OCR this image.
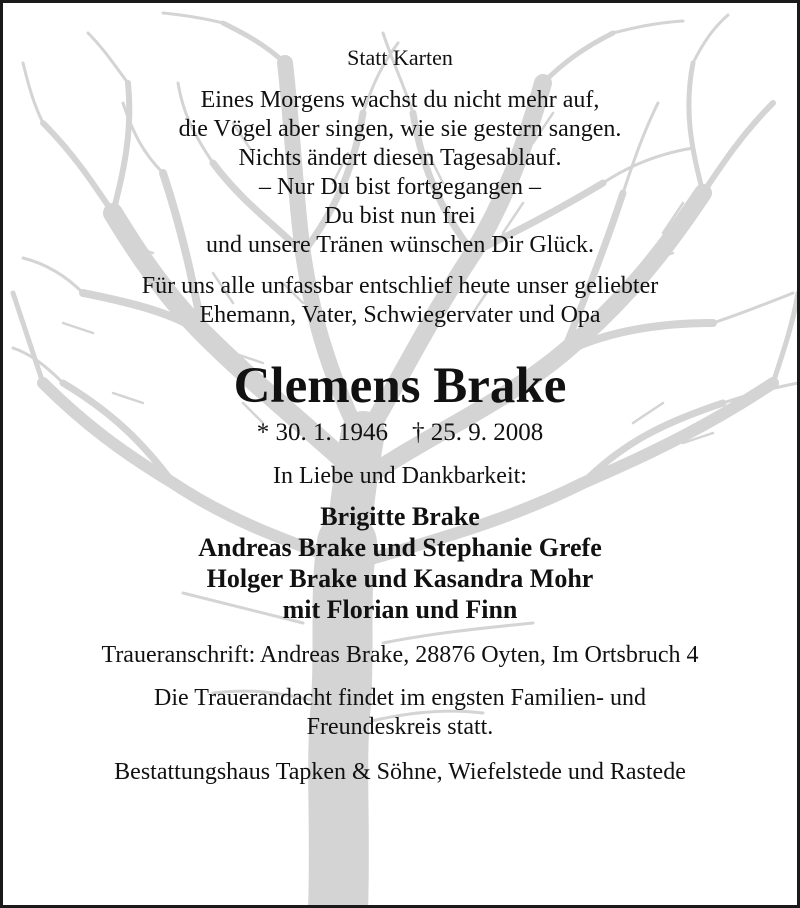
Statt Karten
Eines Morgens wachst du nicht mehr auf,
die Vögel aber singen, wie sie gestern sangen.
Nichts ändert diesen Tagesablauf.
– Nur Du bist fortgegangen –
Du bist nun frei
und unsere Tränen wünschen Dir Glück.
Für uns alle unfassbar entschlief heute unser geliebter
Ehemann, Vater, Schwiegervater und Opa
Clemens Brake
* 30. 1. 1946 † 25. 9. 2008
In Liebe und Dankbarkeit:
Brigitte Brake
Andreas Brake und Stephanie Grefe
Holger Brake und Kasandra Mohr
mit Florian und Finn
Traueranschrift: Andreas Brake, 28876 Oyten, Im Ortsbruch 4
Die Trauerandacht findet im engsten Familien- und
Freundeskreis statt.
Bestattungshaus Tapken & Söhne, Wiefelstede und Rastede
